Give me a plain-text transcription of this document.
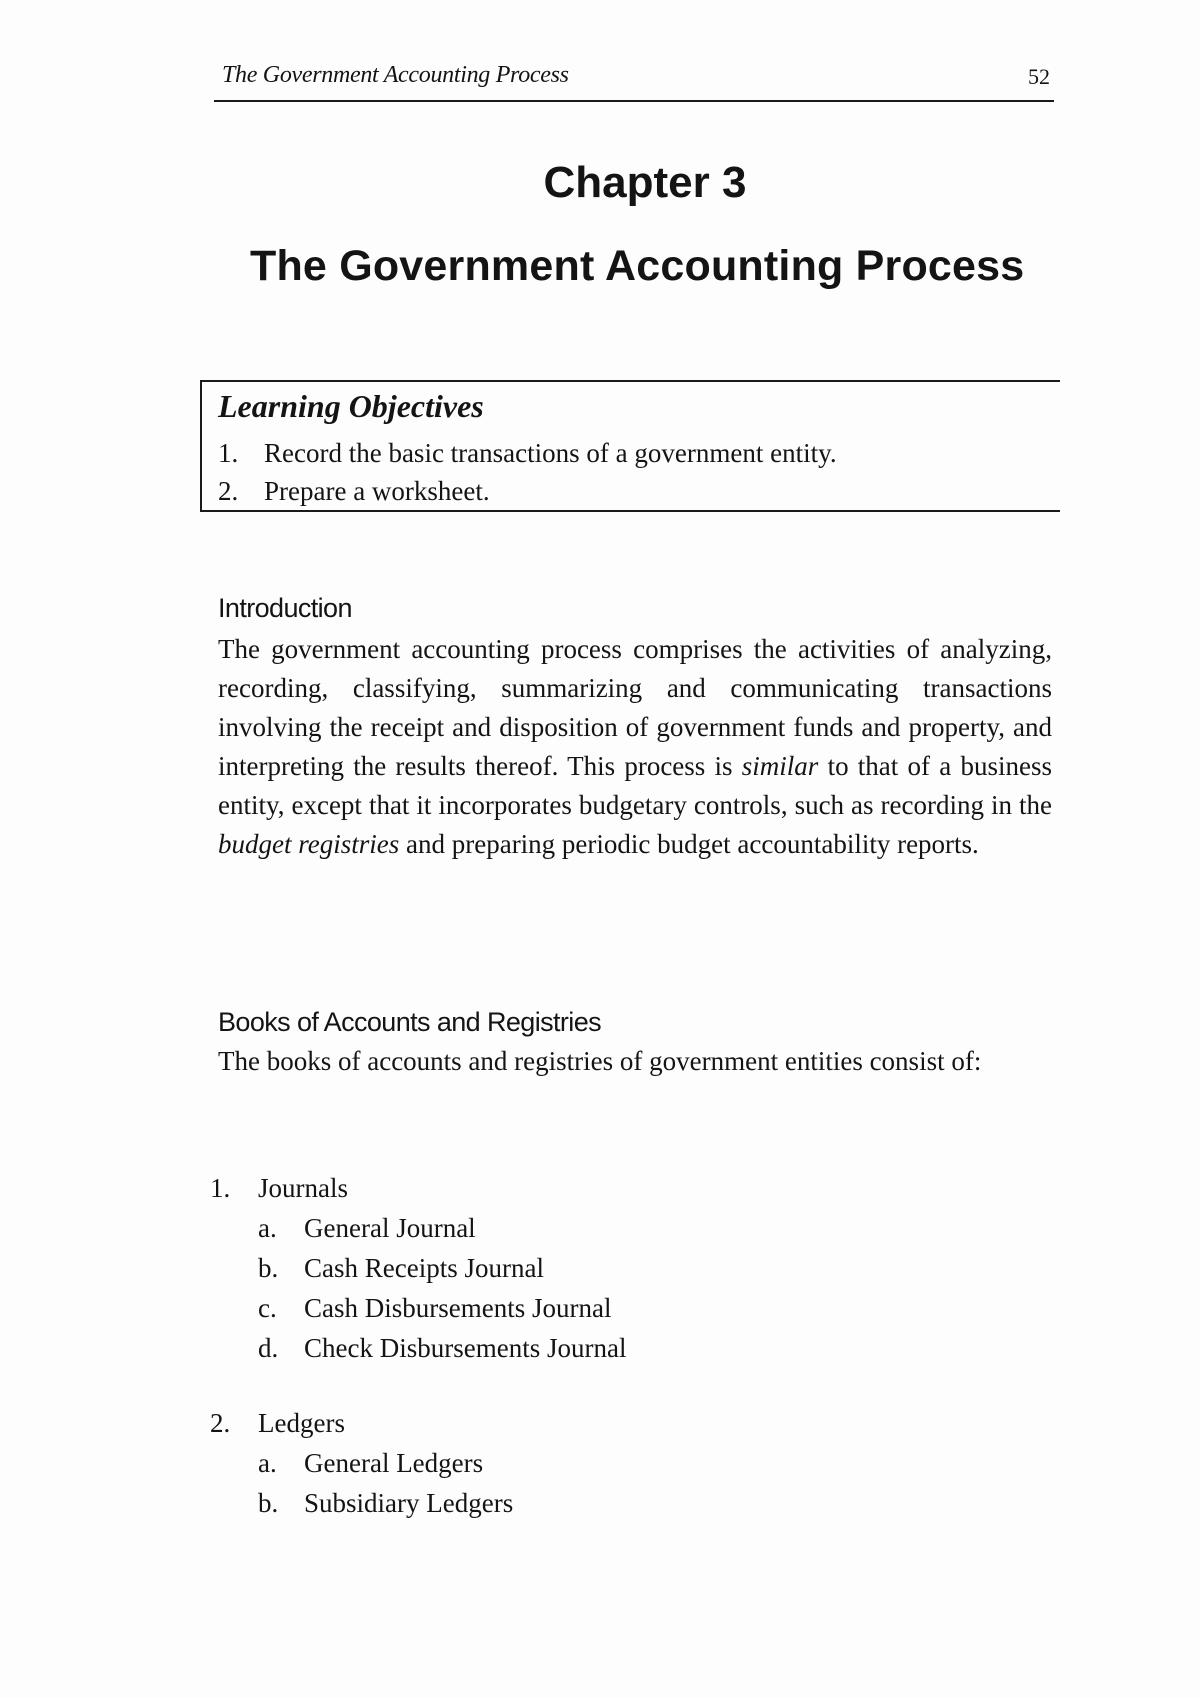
The Government Accounting Process	52
Chapter 3
The Government Accounting Process
Learning Objectives
1. Record the basic transactions of a government entity.
2. Prepare a worksheet.
Introduction

The government accounting process comprises the activities of analyzing, recording, classifying, summarizing and communicating transactions involving the receipt and disposition of government funds and property, and interpreting the results thereof. This process is similar to that of a business entity, except that it incorporates budgetary controls, such as recording in the budget registries and preparing periodic budget accountability reports.

Books of Accounts and Registries

The books of accounts and registries of government entities consist of:

1. Journals
a. General Journal
b. Cash Receipts Journal
c. Cash Disbursements Journal
d. Check Disbursements Journal
2. Ledgers
a. General Ledgers
b. Subsidiary Ledgers
